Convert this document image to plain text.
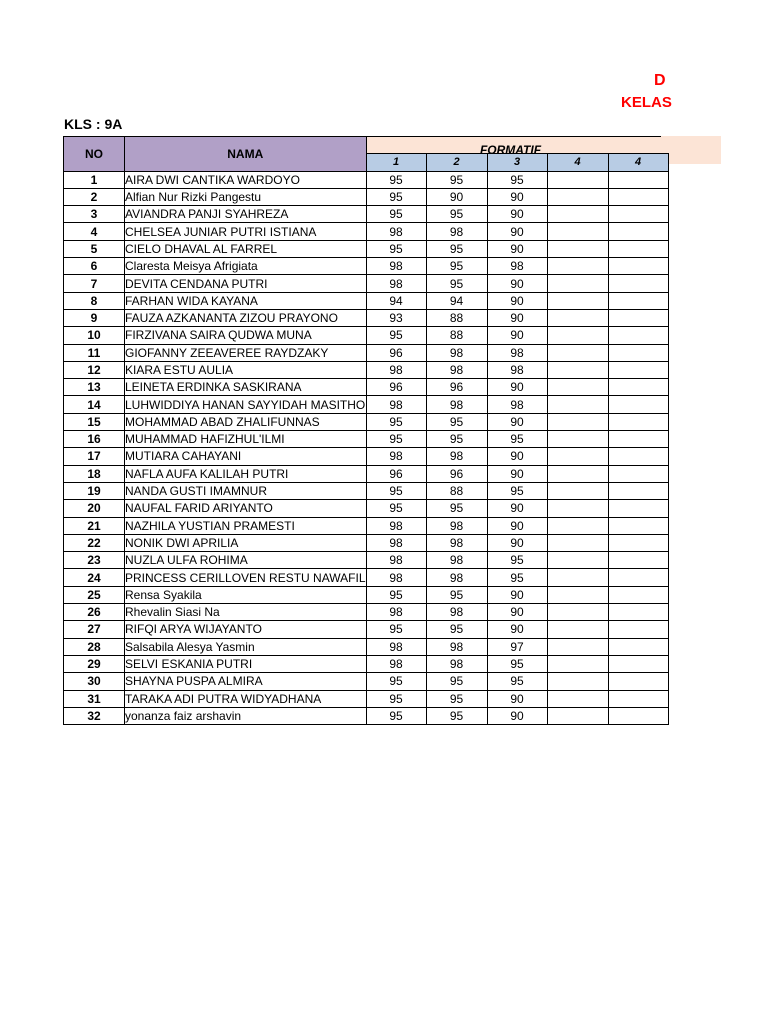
D
KELAS
KLS : 9A
NO	NAMA					
		1	2	3	4	4
1	AIRA DWI CANTIKA WARDOYO	95	95	95		
2	Alfian Nur Rizki Pangestu	95	90	90		
3	AVIANDRA PANJI SYAHREZA	95	95	90		
4	CHELSEA JUNIAR PUTRI ISTIANA	98	98	90		
5	CIELO DHAVAL AL FARREL	95	95	90		
6	Claresta Meisya Afrigiata	98	95	98		
7	DEVITA CENDANA PUTRI	98	95	90		
8	FARHAN WIDA KAYANA	94	94	90		
9	FAUZA AZKANANTA ZIZOU PRAYONO	93	88	90		
10	FIRZIVANA SAIRA QUDWA MUNA	95	88	90		
11	GIOFANNY ZEEAVEREE RAYDZAKY	96	98	98		
12	KIARA ESTU AULIA	98	98	98		
13	LEINETA ERDINKA SASKIRANA	96	96	90		
14	LUHWIDDIYA HANAN SAYYIDAH MASITHO	98	98	98		
15	MOHAMMAD ABAD ZHALIFUNNAS	95	95	90		
16	MUHAMMAD HAFIZHUL'ILMI	95	95	95		
17	MUTIARA CAHAYANI	98	98	90		
18	NAFLA AUFA KALILAH PUTRI	96	96	90		
19	NANDA GUSTI IMAMNUR	95	88	95		
20	NAUFAL FARID ARIYANTO	95	95	90		
21	NAZHILA YUSTIAN PRAMESTI	98	98	90		
22	NONIK DWI APRILIA	98	98	90		
23	NUZLA ULFA ROHIMA	98	98	95		
24	PRINCESS CERILLOVEN RESTU NAWAFIL	98	98	95		
25	Rensa Syakila	95	95	90		
26	Rhevalin Siasi Na	98	98	90		
27	RIFQI ARYA WIJAYANTO	95	95	90		
28	Salsabila Alesya Yasmin	98	98	97		
29	SELVI ESKANIA PUTRI	98	98	95		
30	SHAYNA PUSPA ALMIRA	95	95	95		
31	TARAKA ADI PUTRA WIDYADHANA	95	95	90		
32	yonanza faiz arshavin	95	95	90		
FORMATIF
